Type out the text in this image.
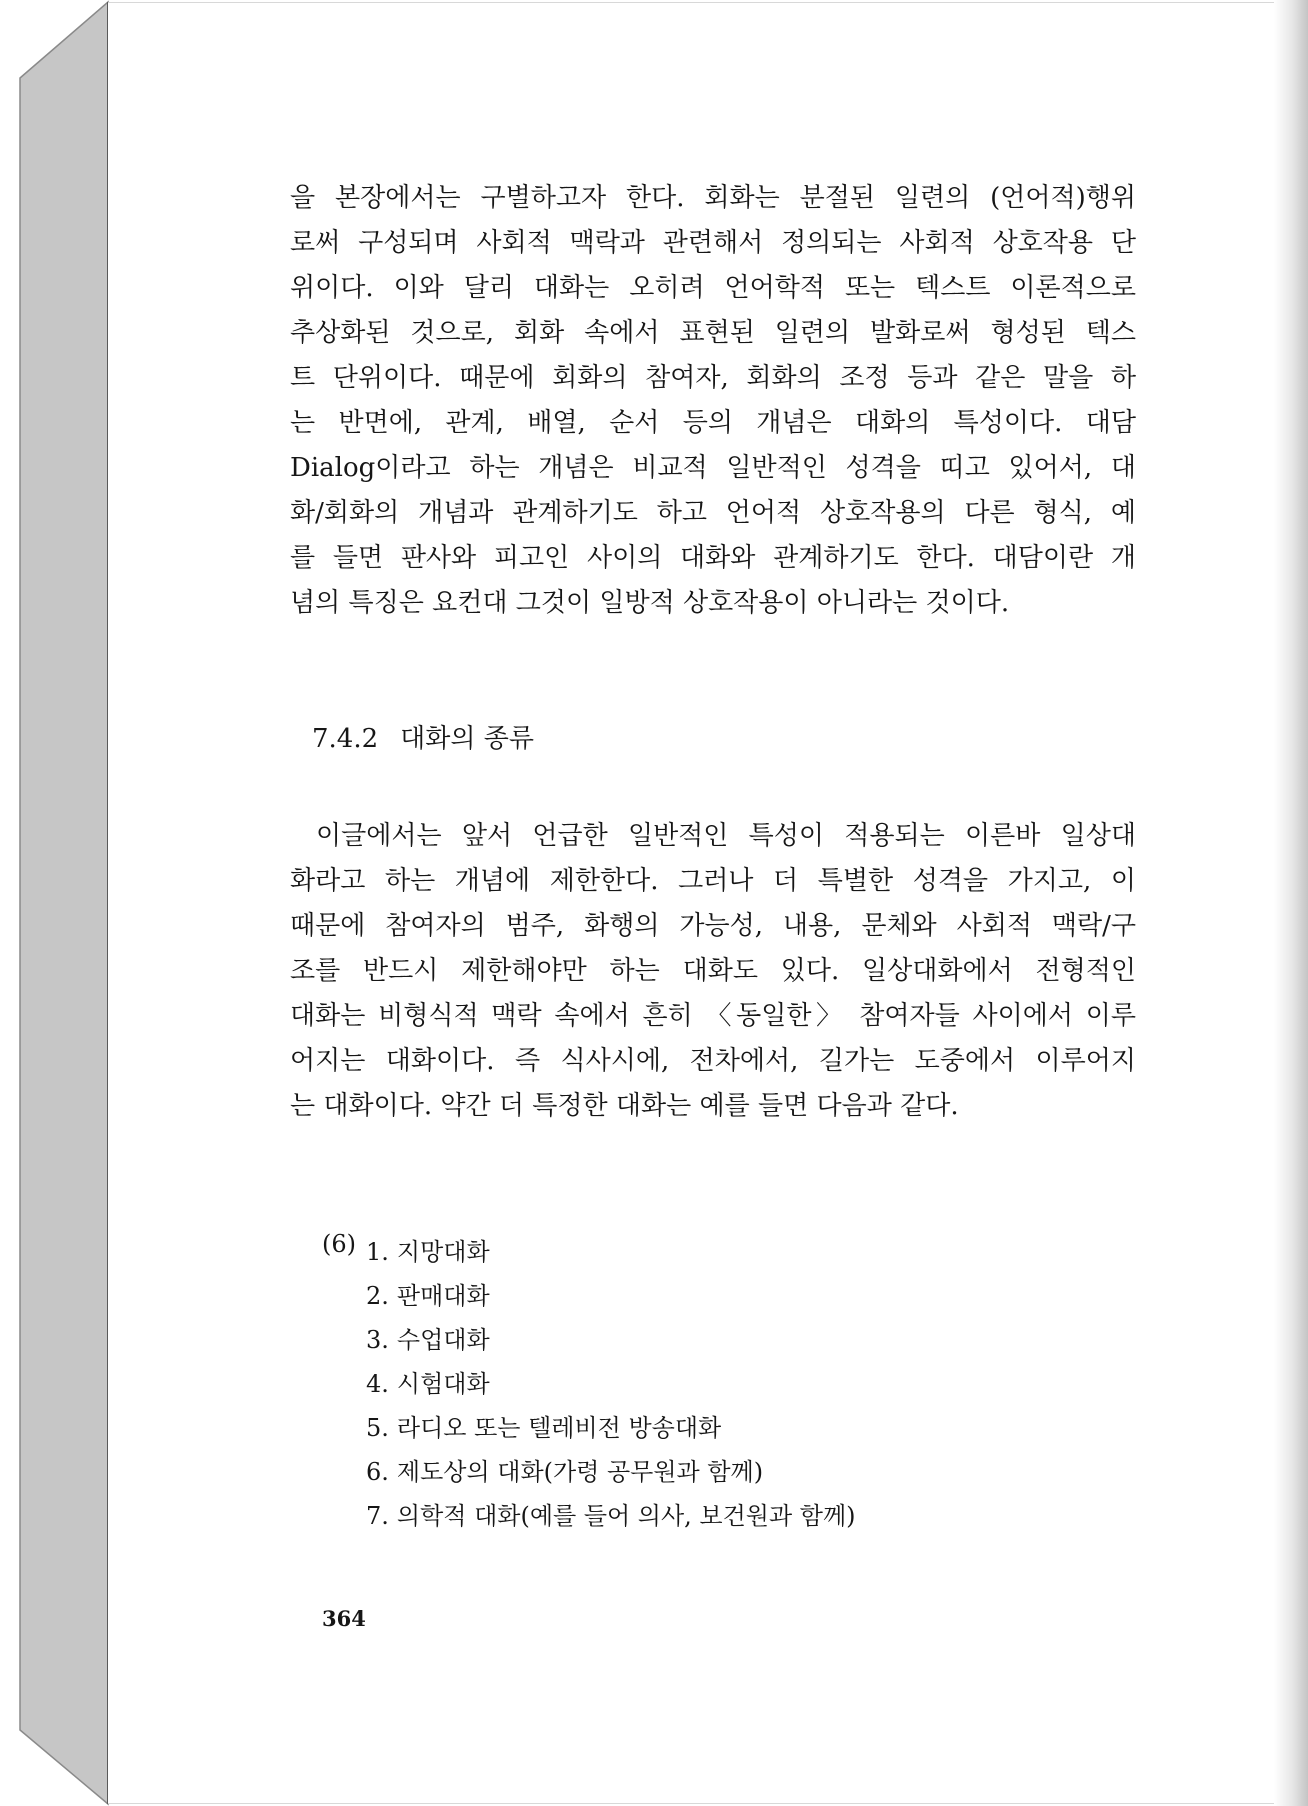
을 본장에서는 구별하고자 한다. 회화는 분절된 일련의 (언어적)행위
로써 구성되며 사회적 맥락과 관련해서 정의되는 사회적 상호작용 단
위이다. 이와 달리 대화는 오히려 언어학적 또는 텍스트 이론적으로
추상화된 것으로, 회화 속에서 표현된 일련의 발화로써 형성된 텍스
트 단위이다. 때문에 회화의 참여자, 회화의 조정 등과 같은 말을 하
는 반면에, 관계, 배열, 순서 등의 개념은 대화의 특성이다. 대담
Dialog이라고 하는 개념은 비교적 일반적인 성격을 띠고 있어서, 대
화/회화의 개념과 관계하기도 하고 언어적 상호작용의 다른 형식, 예
를 들면 판사와 피고인 사이의 대화와 관계하기도 한다. 대담이란 개
념의 특징은 요컨대 그것이 일방적 상호작용이 아니라는 것이다.
7.4.2 대화의 종류
이글에서는 앞서 언급한 일반적인 특성이 적용되는 이른바 일상대
화라고 하는 개념에 제한한다. 그러나 더 특별한 성격을 가지고, 이
때문에 참여자의 범주, 화행의 가능성, 내용, 문체와 사회적 맥락/구
조를 반드시 제한해야만 하는 대화도 있다. 일상대화에서 전형적인
대화는 비형식적 맥락 속에서 흔히 〈동일한〉 참여자들 사이에서 이루
어지는 대화이다. 즉 식사시에, 전차에서, 길가는 도중에서 이루어지
는 대화이다. 약간 더 특정한 대화는 예를 들면 다음과 같다.
(6) 1. 지망대화
2. 판매대화
3. 수업대화
4. 시험대화
5. 라디오 또는 텔레비전 방송대화
6. 제도상의 대화(가령 공무원과 함께)
7. 의학적 대화(예를 들어 의사, 보건원과 함께)
364
